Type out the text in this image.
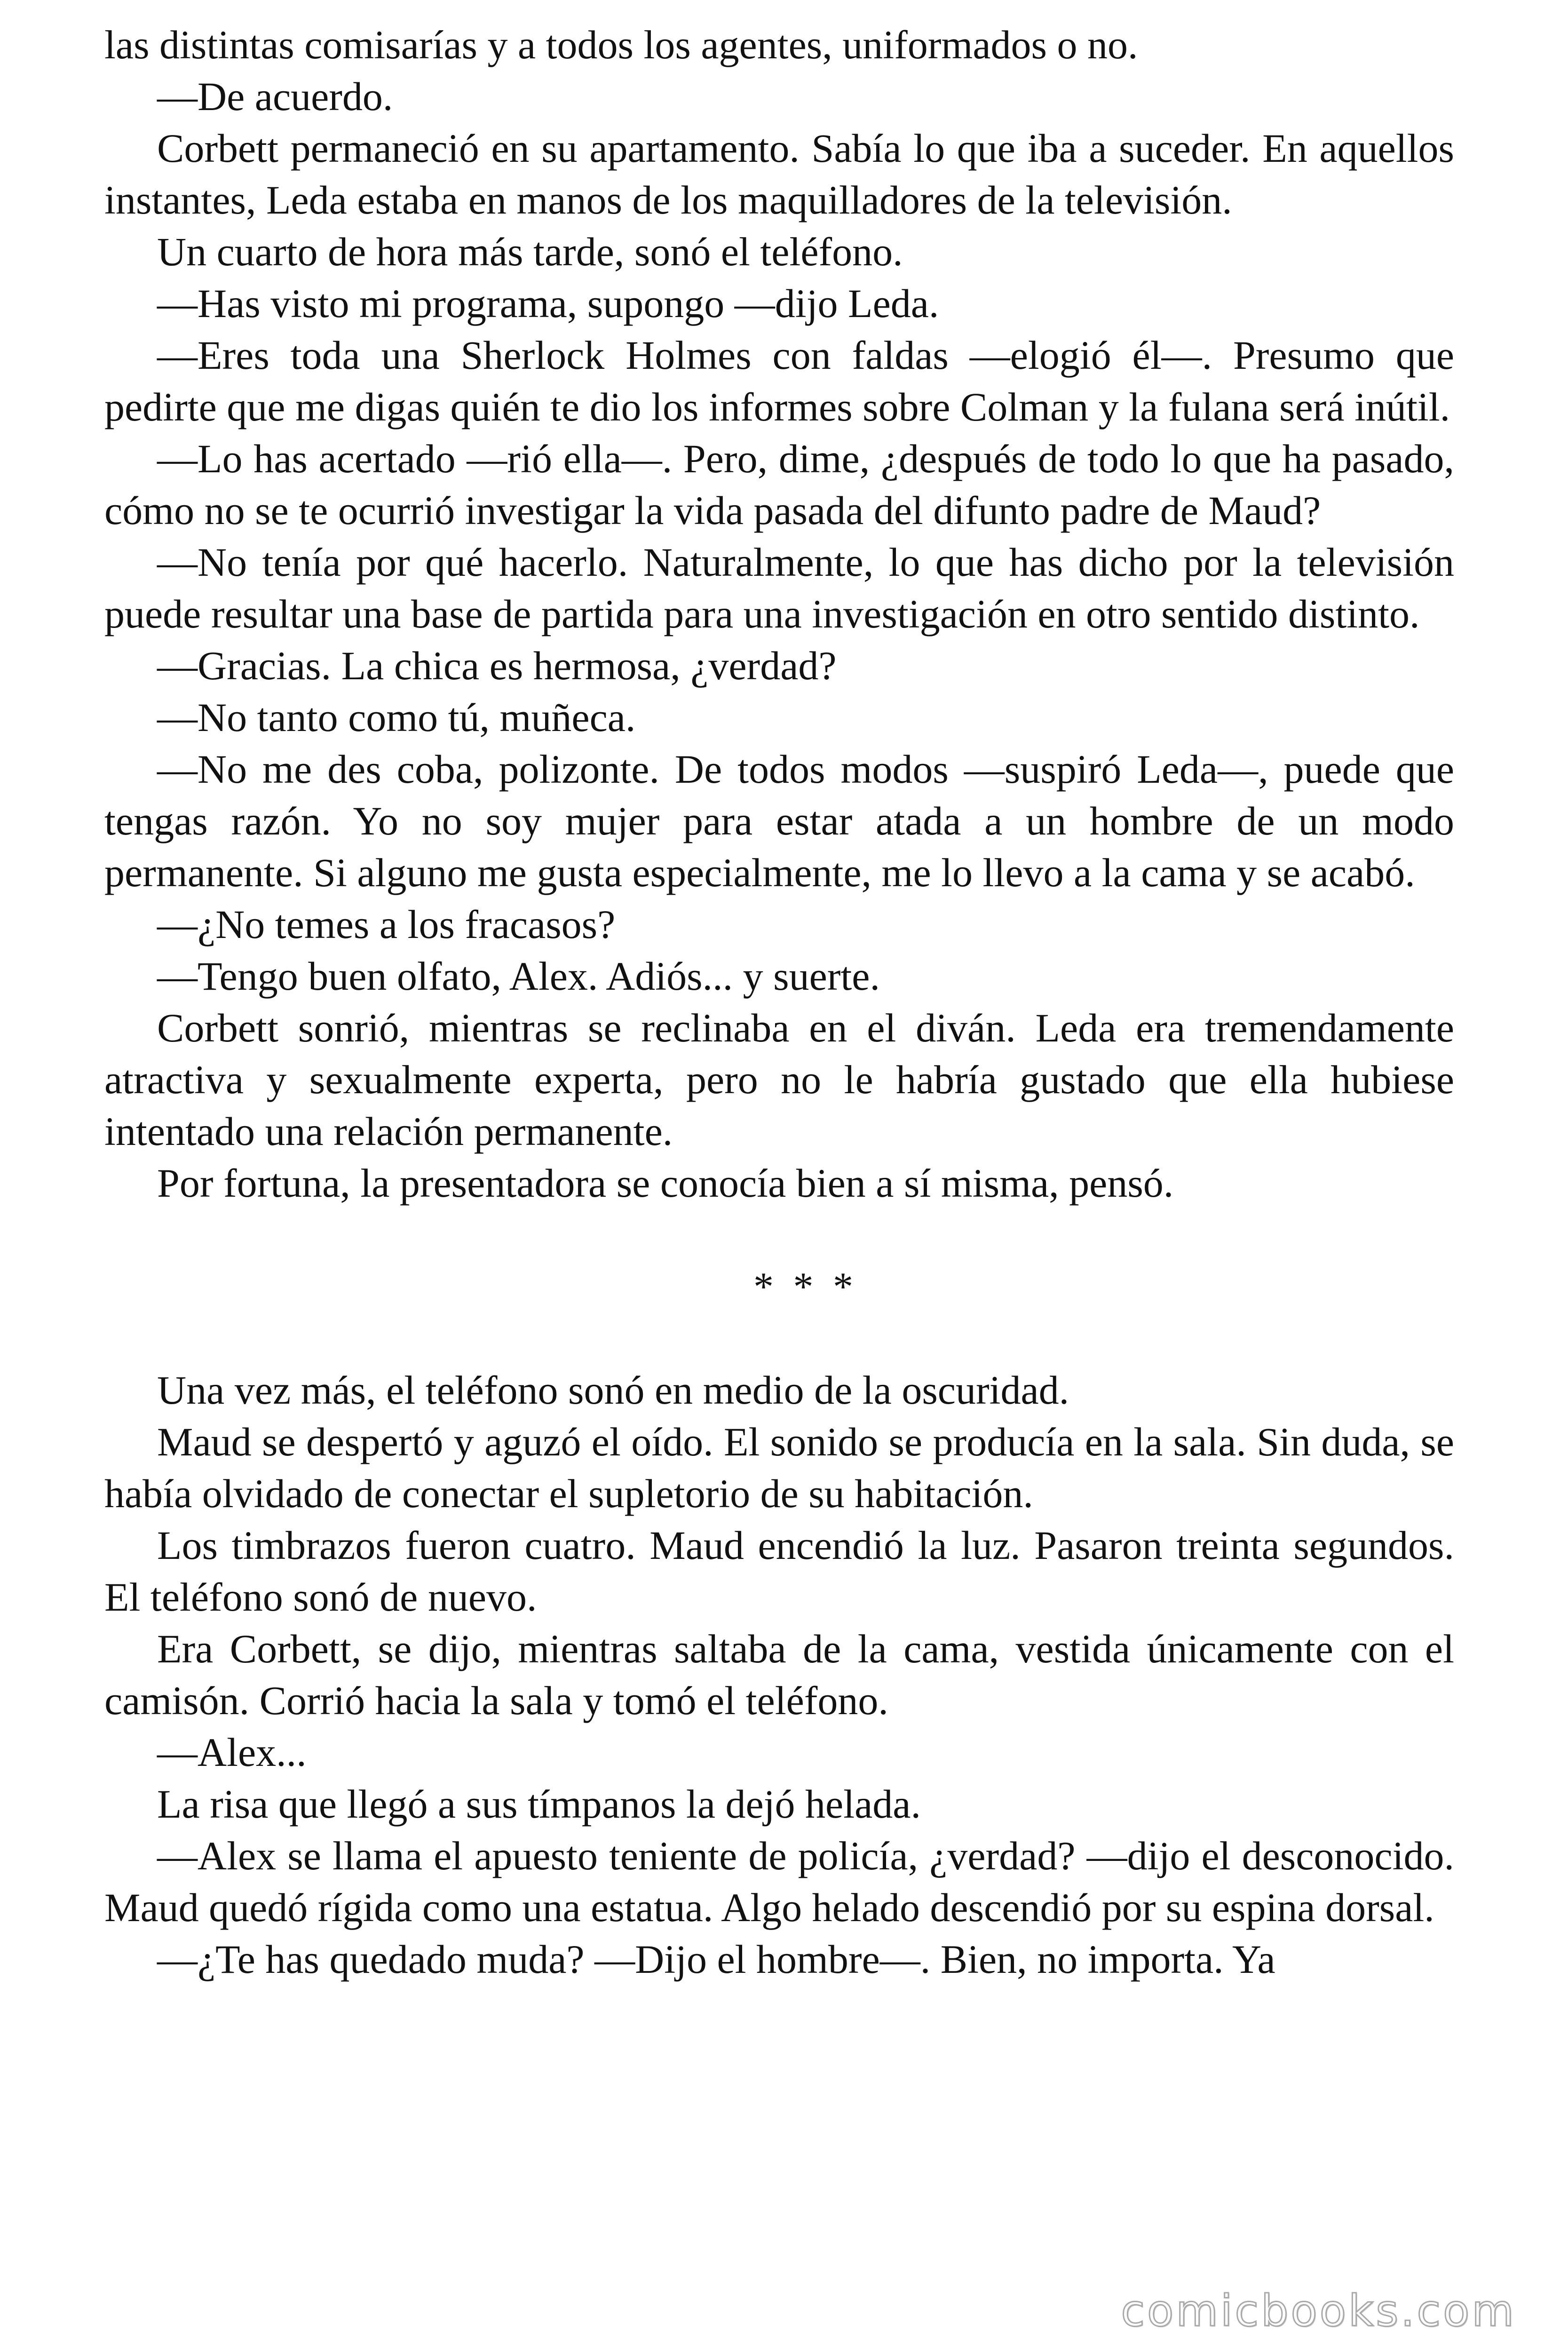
las distintas comisarías y a todos los agentes, uniformados o no.

—De acuerdo.

Corbett permaneció en su apartamento. Sabía lo que iba a suceder. En aquellos instantes, Leda estaba en manos de los maquilladores de la televisión.

Un cuarto de hora más tarde, sonó el teléfono.

—Has visto mi programa, supongo —dijo Leda.

—Eres toda una Sherlock Holmes con faldas —elogió él—. Presumo que pedirte que me digas quién te dio los informes sobre Colman y la fulana será inútil.

—Lo has acertado —rió ella—. Pero, dime, ¿después de todo lo que ha pasado, cómo no se te ocurrió investigar la vida pasada del difunto padre de Maud?

—No tenía por qué hacerlo. Naturalmente, lo que has dicho por la televisión puede resultar una base de partida para una investigación en otro sentido distinto.

—Gracias. La chica es hermosa, ¿verdad?

—No tanto como tú, muñeca.

—No me des coba, polizonte. De todos modos —suspiró Leda—, puede que tengas razón. Yo no soy mujer para estar atada a un hombre de un modo permanente. Si alguno me gusta especialmente, me lo llevo a la cama y se acabó.

—¿No temes a los fracasos?

—Tengo buen olfato, Alex. Adiós... y suerte.

Corbett sonrió, mientras se reclinaba en el diván. Leda era tremendamente atractiva y sexualmente experta, pero no le habría gustado que ella hubiese intentado una relación permanente.

Por fortuna, la presentadora se conocía bien a sí misma, pensó.

* * *

Una vez más, el teléfono sonó en medio de la oscuridad.

Maud se despertó y aguzó el oído. El sonido se producía en la sala. Sin duda, se había olvidado de conectar el supletorio de su habitación.

Los timbrazos fueron cuatro. Maud encendió la luz. Pasaron treinta segundos. El teléfono sonó de nuevo.

Era Corbett, se dijo, mientras saltaba de la cama, vestida únicamente con el camisón. Corrió hacia la sala y tomó el teléfono.

—Alex...

La risa que llegó a sus tímpanos la dejó helada.

—Alex se llama el apuesto teniente de policía, ¿verdad? —dijo el desconocido. Maud quedó rígida como una estatua. Algo helado descendió por su espina dorsal.

—¿Te has quedado muda? —Dijo el hombre—. Bien, no importa. Ya

comicbooks.com
